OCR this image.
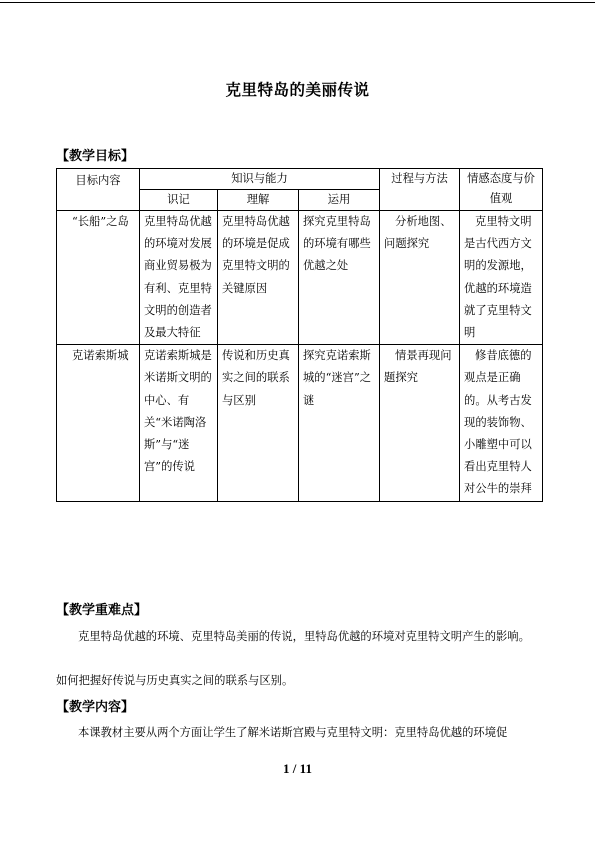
克里特岛的美丽传说
【教学目标】
目标内容	知识与能力			过程与方法	情感态度与价值观
	识记	理解	运用		
“长船”之岛	克里特岛优越的环境对发展商业贸易极为有利、克里特文明的创造者及最大特征	克里特岛优越的环境是促成克里特文明的关键原因	探究克里特岛的环境有哪些优越之处	分析地图、问题探究	克里特文明是古代西方文明的发源地，优越的环境造就了克里特文明
克诺索斯城	克诺索斯城是米诺斯文明的中心、有关“米诺陶洛斯”与“迷宫”的传说	传说和历史真实之间的联系与区别	探究克诺索斯城的“迷宫”之谜	情景再现问题探究	修昔底德的观点是正确的。从考古发现的装饰物、小雕塑中可以看出克里特人对公牛的崇拜
【教学重难点】
克里特岛优越的环境、克里特岛美丽的传说，里特岛优越的环境对克里特文明产生的影响。
如何把握好传说与历史真实之间的联系与区别。
【教学内容】
本课教材主要从两个方面让学生了解米诺斯宫殿与克里特文明：克里特岛优越的环境促
1 / 11
